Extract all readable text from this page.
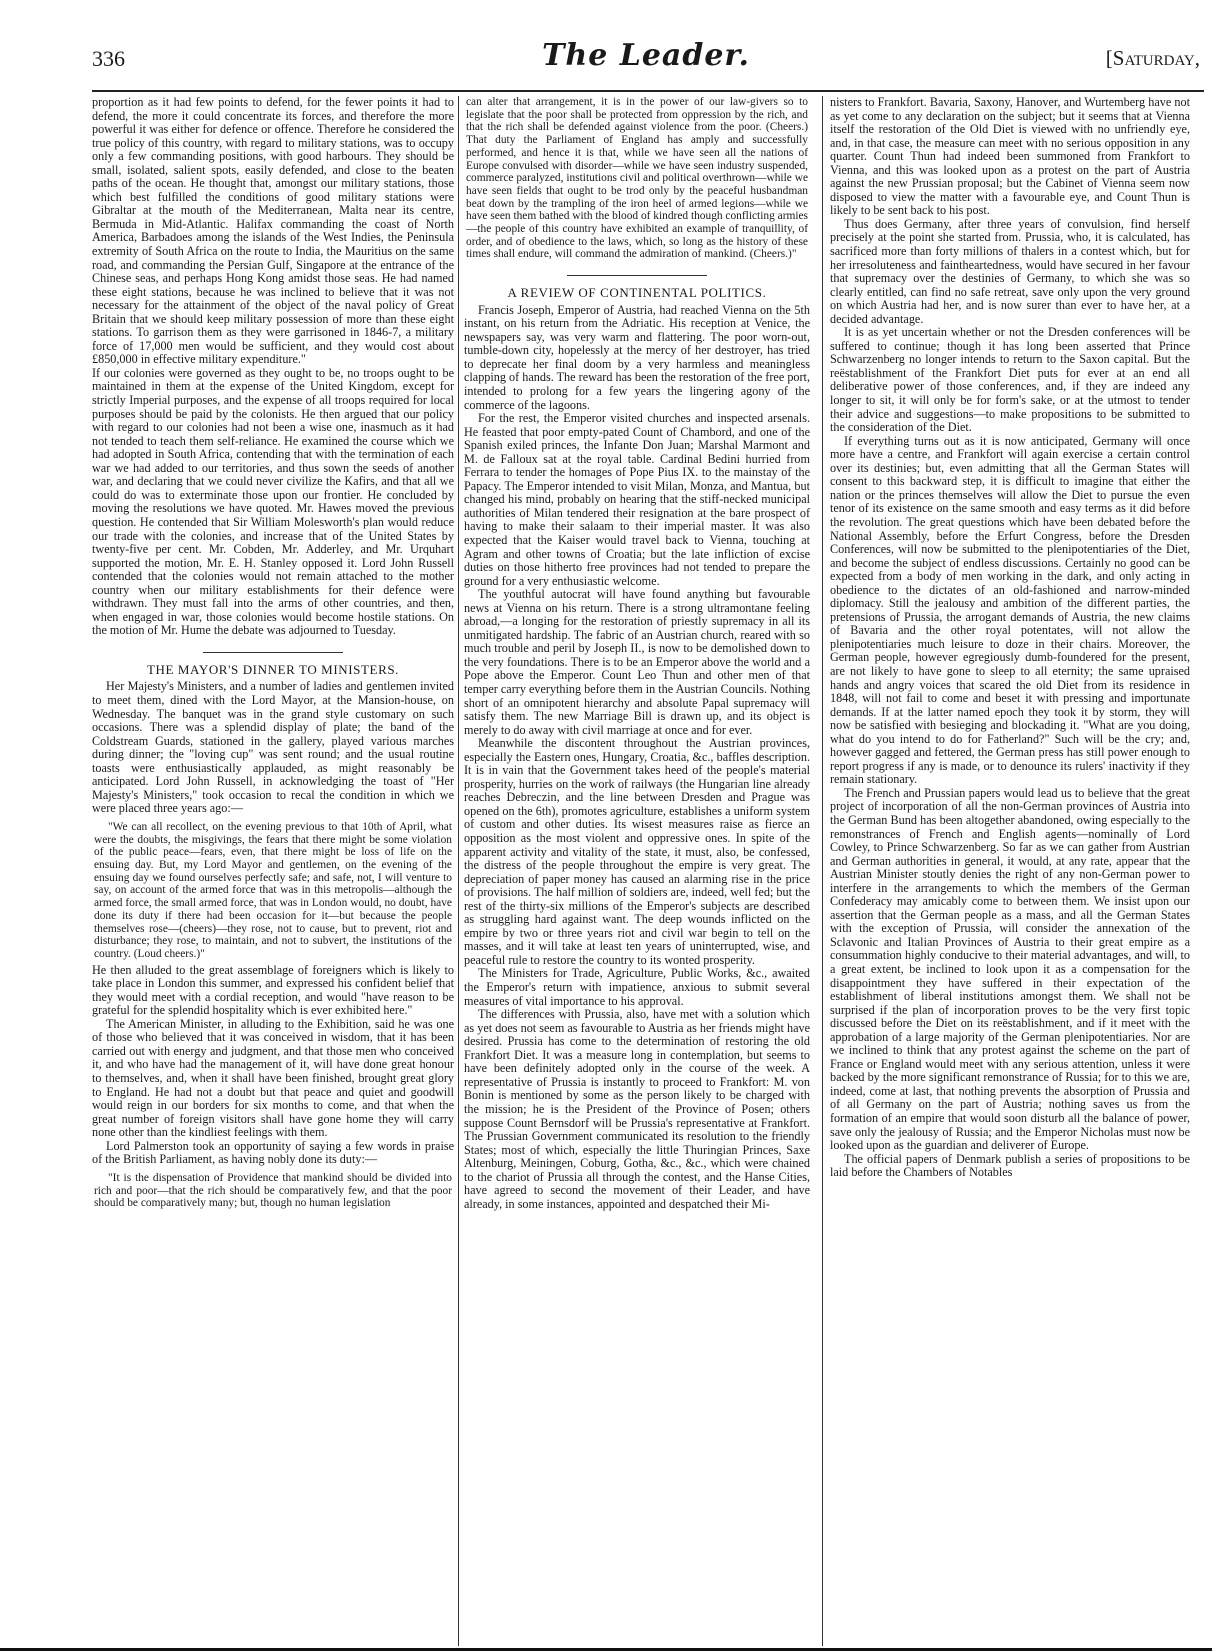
336	The Leader.	[Saturday,

proportion as it had few points to defend, for the fewer points it had to defend, the more it could concentrate its forces, and therefore the more powerful it was either for defence or offence. Therefore he considered the true policy of this country, with regard to military stations, was to occupy only a few commanding positions, with good harbours. They should be small, isolated, salient spots, easily defended, and close to the beaten paths of the ocean. He thought that, amongst our military stations, those which best fulfilled the conditions of good military stations were Gibraltar at the mouth of the Mediterranean, Malta near its centre, Bermuda in Mid-Atlantic. Halifax commanding the coast of North America, Barbadoes among the islands of the West Indies, the Peninsula extremity of South Africa on the route to India, the Mauritius on the same road, and commanding the Persian Gulf, Singapore at the entrance of the Chinese seas, and perhaps Hong Kong amidst those seas. He had named these eight stations, because he was inclined to believe that it was not necessary for the attainment of the object of the naval policy of Great Britain that we should keep military possession of more than these eight stations. To garrison them as they were garrisoned in 1846-7, a military force of 17,000 men would be sufficient, and they would cost about £850,000 in effective military expenditure."

If our colonies were governed as they ought to be, no troops ought to be maintained in them at the expense of the United Kingdom, except for strictly Imperial purposes, and the expense of all troops required for local purposes should be paid by the colonists. He then argued that our policy with regard to our colonies had not been a wise one, inasmuch as it had not tended to teach them self-reliance. He examined the course which we had adopted in South Africa, contending that with the termination of each war we had added to our territories, and thus sown the seeds of another war, and declaring that we could never civilize the Kafirs, and that all we could do was to exterminate those upon our frontier. He concluded by moving the resolutions we have quoted. Mr. Hawes moved the previous question. He contended that Sir William Molesworth's plan would reduce our trade with the colonies, and increase that of the United States by twenty-five per cent. Mr. Cobden, Mr. Adderley, and Mr. Urquhart supported the motion, Mr. E. H. Stanley opposed it. Lord John Russell contended that the colonies would not remain attached to the mother country when our military establishments for their defence were withdrawn. They must fall into the arms of other countries, and then, when engaged in war, those colonies would become hostile stations. On the motion of Mr. Hume the debate was adjourned to Tuesday.

THE MAYOR'S DINNER TO MINISTERS.

Her Majesty's Ministers, and a number of ladies and gentlemen invited to meet them, dined with the Lord Mayor, at the Mansion-house, on Wednesday. The banquet was in the grand style customary on such occasions. There was a splendid display of plate; the band of the Coldstream Guards, stationed in the gallery, played various marches during dinner; the "loving cup" was sent round; and the usual routine toasts were enthusiastically applauded, as might reasonably be anticipated. Lord John Russell, in acknowledging the toast of "Her Majesty's Ministers," took occasion to recal the condition in which we were placed three years ago:—

"We can all recollect, on the evening previous to that 10th of April, what were the doubts, the misgivings, the fears that there might be some violation of the public peace—fears, even, that there might be loss of life on the ensuing day. But, my Lord Mayor and gentlemen, on the evening of the ensuing day we found ourselves perfectly safe; and safe, not, I will venture to say, on account of the armed force that was in this metropolis—although the armed force, the small armed force, that was in London would, no doubt, have done its duty if there had been occasion for it—but because the people themselves rose—(cheers)—they rose, not to cause, but to prevent, riot and disturbance; they rose, to maintain, and not to subvert, the institutions of the country. (Loud cheers.)"

He then alluded to the great assemblage of foreigners which is likely to take place in London this summer, and expressed his confident belief that they would meet with a cordial reception, and would "have reason to be grateful for the splendid hospitality which is ever exhibited here."

The American Minister, in alluding to the Exhibition, said he was one of those who believed that it was conceived in wisdom, that it has been carried out with energy and judgment, and that those men who conceived it, and who have had the management of it, will have done great honour to themselves, and, when it shall have been finished, brought great glory to England. He had not a doubt but that peace and quiet and goodwill would reign in our borders for six months to come, and that when the great number of foreign visitors shall have gone home they will carry none other than the kindliest feelings with them.

Lord Palmerston took an opportunity of saying a few words in praise of the British Parliament, as having nobly done its duty:—

"It is the dispensation of Providence that mankind should be divided into rich and poor—that the rich should be comparatively few, and that the poor should be comparatively many; but, though no human legislation

can alter that arrangement, it is in the power of our law-givers so to legislate that the poor shall be protected from oppression by the rich, and that the rich shall be defended against violence from the poor. (Cheers.) That duty the Parliament of England has amply and successfully performed, and hence it is that, while we have seen all the nations of Europe convulsed with disorder—while we have seen industry suspended, commerce paralyzed, institutions civil and political overthrown—while we have seen fields that ought to be trod only by the peaceful husbandman beat down by the trampling of the iron heel of armed legions—while we have seen them bathed with the blood of kindred though conflicting armies—the people of this country have exhibited an example of tranquillity, of order, and of obedience to the laws, which, so long as the history of these times shall endure, will command the admiration of mankind. (Cheers.)"

A REVIEW OF CONTINENTAL POLITICS.

Francis Joseph, Emperor of Austria, had reached Vienna on the 5th instant, on his return from the Adriatic. His reception at Venice, the newspapers say, was very warm and flattering. The poor worn-out, tumble-down city, hopelessly at the mercy of her destroyer, has tried to deprecate her final doom by a very harmless and meaningless clapping of hands. The reward has been the restoration of the free port, intended to prolong for a few years the lingering agony of the commerce of the lagoons.

For the rest, the Emperor visited churches and inspected arsenals. He feasted that poor empty-pated Count of Chambord, and one of the Spanish exiled princes, the Infante Don Juan; Marshal Marmont and M. de Falloux sat at the royal table. Cardinal Bedini hurried from Ferrara to tender the homages of Pope Pius IX. to the mainstay of the Papacy. The Emperor intended to visit Milan, Monza, and Mantua, but changed his mind, probably on hearing that the stiff-necked municipal authorities of Milan tendered their resignation at the bare prospect of having to make their salaam to their imperial master. It was also expected that the Kaiser would travel back to Vienna, touching at Agram and other towns of Croatia; but the late infliction of excise duties on those hitherto free provinces had not tended to prepare the ground for a very enthusiastic welcome.

The youthful autocrat will have found anything but favourable news at Vienna on his return. There is a strong ultramontane feeling abroad,—a longing for the restoration of priestly supremacy in all its unmitigated hardship. The fabric of an Austrian church, reared with so much trouble and peril by Joseph II., is now to be demolished down to the very foundations. There is to be an Emperor above the world and a Pope above the Emperor. Count Leo Thun and other men of that temper carry everything before them in the Austrian Councils. Nothing short of an omnipotent hierarchy and absolute Papal supremacy will satisfy them. The new Marriage Bill is drawn up, and its object is merely to do away with civil marriage at once and for ever.

Meanwhile the discontent throughout the Austrian provinces, especially the Eastern ones, Hungary, Croatia, &c., baffles description. It is in vain that the Government takes heed of the people's material prosperity, hurries on the work of railways (the Hungarian line already reaches Debreczin, and the line between Dresden and Prague was opened on the 6th), promotes agriculture, establishes a uniform system of custom and other duties. Its wisest measures raise as fierce an opposition as the most violent and oppressive ones. In spite of the apparent activity and vitality of the state, it must, also, be confessed, the distress of the people throughout the empire is very great. The depreciation of paper money has caused an alarming rise in the price of provisions. The half million of soldiers are, indeed, well fed; but the rest of the thirty-six millions of the Emperor's subjects are described as struggling hard against want. The deep wounds inflicted on the empire by two or three years riot and civil war begin to tell on the masses, and it will take at least ten years of uninterrupted, wise, and peaceful rule to restore the country to its wonted prosperity.

The Ministers for Trade, Agriculture, Public Works, &c., awaited the Emperor's return with impatience, anxious to submit several measures of vital importance to his approval.

The differences with Prussia, also, have met with a solution which as yet does not seem as favourable to Austria as her friends might have desired. Prussia has come to the determination of restoring the old Frankfort Diet. It was a measure long in contemplation, but seems to have been definitely adopted only in the course of the week. A representative of Prussia is instantly to proceed to Frankfort: M. von Bonin is mentioned by some as the person likely to be charged with the mission; he is the President of the Province of Posen; others suppose Count Bernsdorf will be Prussia's representative at Frankfort. The Prussian Government communicated its resolution to the friendly States; most of which, especially the little Thuringian Princes, Saxe Altenburg, Meiningen, Coburg, Gotha, &c., &c., which were chained to the chariot of Prussia all through the contest, and the Hanse Cities, have agreed to second the movement of their Leader, and have already, in some instances, appointed and despatched their Mi-

nisters to Frankfort. Bavaria, Saxony, Hanover, and Wurtemberg have not as yet come to any declaration on the subject; but it seems that at Vienna itself the restoration of the Old Diet is viewed with no unfriendly eye, and, in that case, the measure can meet with no serious opposition in any quarter. Count Thun had indeed been summoned from Frankfort to Vienna, and this was looked upon as a protest on the part of Austria against the new Prussian proposal; but the Cabinet of Vienna seem now disposed to view the matter with a favourable eye, and Count Thun is likely to be sent back to his post.

Thus does Germany, after three years of convulsion, find herself precisely at the point she started from. Prussia, who, it is calculated, has sacrificed more than forty millions of thalers in a contest which, but for her irresoluteness and faintheartedness, would have secured in her favour that supremacy over the destinies of Germany, to which she was so clearly entitled, can find no safe retreat, save only upon the very ground on which Austria had her, and is now surer than ever to have her, at a decided advantage.

It is as yet uncertain whether or not the Dresden conferences will be suffered to continue; though it has long been asserted that Prince Schwarzenberg no longer intends to return to the Saxon capital. But the reëstablishment of the Frankfort Diet puts for ever at an end all deliberative power of those conferences, and, if they are indeed any longer to sit, it will only be for form's sake, or at the utmost to tender their advice and suggestions—to make propositions to be submitted to the consideration of the Diet.

If everything turns out as it is now anticipated, Germany will once more have a centre, and Frankfort will again exercise a certain control over its destinies; but, even admitting that all the German States will consent to this backward step, it is difficult to imagine that either the nation or the princes themselves will allow the Diet to pursue the even tenor of its existence on the same smooth and easy terms as it did before the revolution. The great questions which have been debated before the National Assembly, before the Erfurt Congress, before the Dresden Conferences, will now be submitted to the plenipotentiaries of the Diet, and become the subject of endless discussions. Certainly no good can be expected from a body of men working in the dark, and only acting in obedience to the dictates of an old-fashioned and narrow-minded diplomacy. Still the jealousy and ambition of the different parties, the pretensions of Prussia, the arrogant demands of Austria, the new claims of Bavaria and the other royal potentates, will not allow the plenipotentiaries much leisure to doze in their chairs. Moreover, the German people, however egregiously dumb-foundered for the present, are not likely to have gone to sleep to all eternity; the same upraised hands and angry voices that scared the old Diet from its residence in 1848, will not fail to come and beset it with pressing and importunate demands. If at the latter named epoch they took it by storm, they will now be satisfied with besieging and blockading it. "What are you doing, what do you intend to do for Fatherland?" Such will be the cry; and, however gagged and fettered, the German press has still power enough to report progress if any is made, or to denounce its rulers' inactivity if they remain stationary.

The French and Prussian papers would lead us to believe that the great project of incorporation of all the non-German provinces of Austria into the German Bund has been altogether abandoned, owing especially to the remonstrances of French and English agents—nominally of Lord Cowley, to Prince Schwarzenberg. So far as we can gather from Austrian and German authorities in general, it would, at any rate, appear that the Austrian Minister stoutly denies the right of any non-German power to interfere in the arrangements to which the members of the German Confederacy may amicably come to between them. We insist upon our assertion that the German people as a mass, and all the German States with the exception of Prussia, will consider the annexation of the Sclavonic and Italian Provinces of Austria to their great empire as a consummation highly conducive to their material advantages, and will, to a great extent, be inclined to look upon it as a compensation for the disappointment they have suffered in their expectation of the establishment of liberal institutions amongst them. We shall not be surprised if the plan of incorporation proves to be the very first topic discussed before the Diet on its reëstablishment, and if it meet with the approbation of a large majority of the German plenipotentiaries. Nor are we inclined to think that any protest against the scheme on the part of France or England would meet with any serious attention, unless it were backed by the more significant remonstrance of Russia; for to this we are, indeed, come at last, that nothing prevents the absorption of Prussia and of all Germany on the part of Austria; nothing saves us from the formation of an empire that would soon disturb all the balance of power, save only the jealousy of Russia; and the Emperor Nicholas must now be looked upon as the guardian and deliverer of Europe.

The official papers of Denmark publish a series of propositions to be laid before the Chambers of Notables
